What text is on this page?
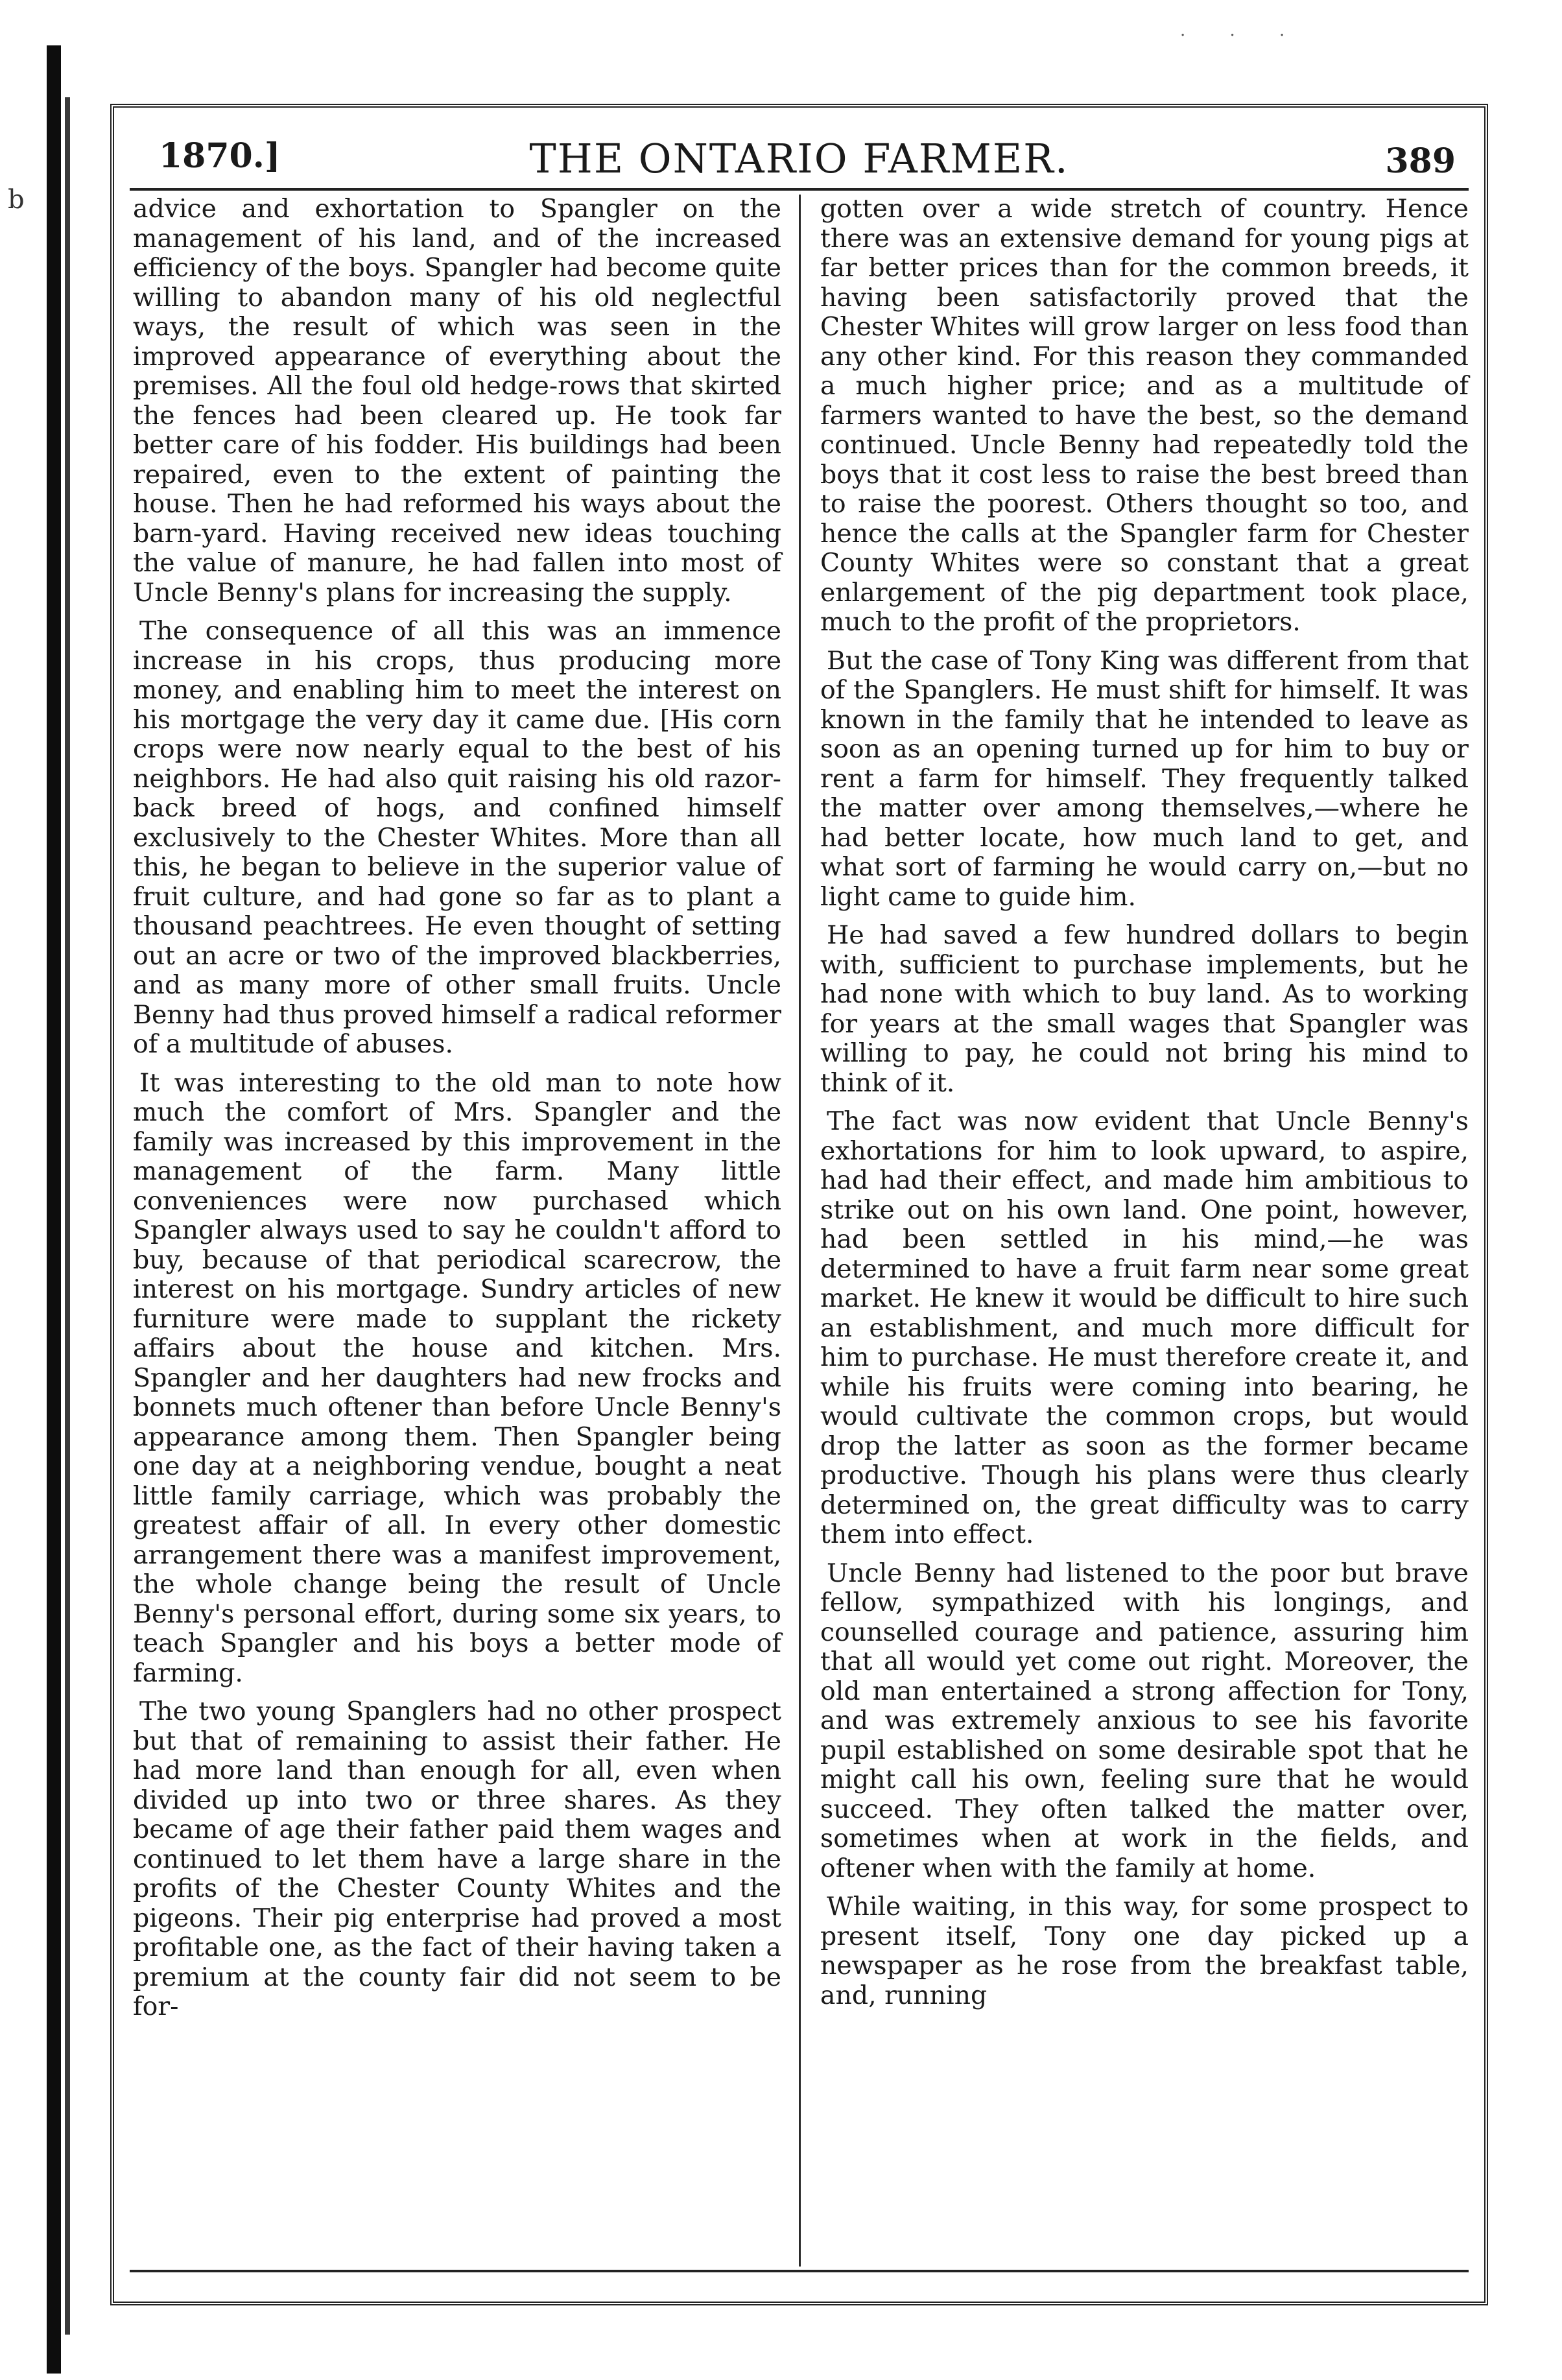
b
· · ·
1870.]	THE ONTARIO FARMER.	389

advice and exhortation to Spangler on the management of his land, and of the increased efficiency of the boys. Spangler had become quite willing to abandon many of his old neglectful ways, the result of which was seen in the improved appearance of everything about the premises. All the foul old hedge-rows that skirted the fences had been cleared up. He took far better care of his fodder. His buildings had been repaired, even to the extent of painting the house. Then he had reformed his ways about the barn-yard. Having received new ideas touching the value of manure, he had fallen into most of Uncle Benny's plans for increasing the supply.

The consequence of all this was an immence increase in his crops, thus producing more money, and enabling him to meet the interest on his mortgage the very day it came due. [His corn crops were now nearly equal to the best of his neighbors. He had also quit raising his old razor-back breed of hogs, and confined himself exclusively to the Chester Whites. More than all this, he began to believe in the superior value of fruit culture, and had gone so far as to plant a thousand peachtrees. He even thought of setting out an acre or two of the improved blackberries, and as many more of other small fruits. Uncle Benny had thus proved himself a radical reformer of a multitude of abuses.

It was interesting to the old man to note how much the comfort of Mrs. Spangler and the family was increased by this improvement in the management of the farm. Many little conveniences were now purchased which Spangler always used to say he couldn't afford to buy, because of that periodical scarecrow, the interest on his mortgage. Sundry articles of new furniture were made to supplant the rickety affairs about the house and kitchen. Mrs. Spangler and her daughters had new frocks and bonnets much oftener than before Uncle Benny's appearance among them. Then Spangler being one day at a neighboring vendue, bought a neat little family carriage, which was probably the greatest affair of all. In every other domestic arrangement there was a manifest improvement, the whole change being the result of Uncle Benny's personal effort, during some six years, to teach Spangler and his boys a better mode of farming.

The two young Spanglers had no other prospect but that of remaining to assist their father. He had more land than enough for all, even when divided up into two or three shares. As they became of age their father paid them wages and continued to let them have a large share in the profits of the Chester County Whites and the pigeons. Their pig enterprise had proved a most profitable one, as the fact of their having taken a premium at the county fair did not seem to be for-

gotten over a wide stretch of country. Hence there was an extensive demand for young pigs at far better prices than for the common breeds, it having been satisfactorily proved that the Chester Whites will grow larger on less food than any other kind. For this reason they commanded a much higher price; and as a multitude of farmers wanted to have the best, so the demand continued. Uncle Benny had repeatedly told the boys that it cost less to raise the best breed than to raise the poorest. Others thought so too, and hence the calls at the Spangler farm for Chester County Whites were so constant that a great enlargement of the pig department took place, much to the profit of the proprietors.

But the case of Tony King was different from that of the Spanglers. He must shift for himself. It was known in the family that he intended to leave as soon as an opening turned up for him to buy or rent a farm for himself. They frequently talked the matter over among themselves,—where he had better locate, how much land to get, and what sort of farming he would carry on,—but no light came to guide him.

He had saved a few hundred dollars to begin with, sufficient to purchase implements, but he had none with which to buy land. As to working for years at the small wages that Spangler was willing to pay, he could not bring his mind to think of it.

The fact was now evident that Uncle Benny's exhortations for him to look upward, to aspire, had had their effect, and made him ambitious to strike out on his own land. One point, however, had been settled in his mind,—he was determined to have a fruit farm near some great market. He knew it would be difficult to hire such an establishment, and much more difficult for him to purchase. He must therefore create it, and while his fruits were coming into bearing, he would cultivate the common crops, but would drop the latter as soon as the former became productive. Though his plans were thus clearly determined on, the great difficulty was to carry them into effect.

Uncle Benny had listened to the poor but brave fellow, sympathized with his longings, and counselled courage and patience, assuring him that all would yet come out right. Moreover, the old man entertained a strong affection for Tony, and was extremely anxious to see his favorite pupil established on some desirable spot that he might call his own, feeling sure that he would succeed. They often talked the matter over, sometimes when at work in the fields, and oftener when with the family at home.

While waiting, in this way, for some prospect to present itself, Tony one day picked up a newspaper as he rose from the breakfast table, and, running
